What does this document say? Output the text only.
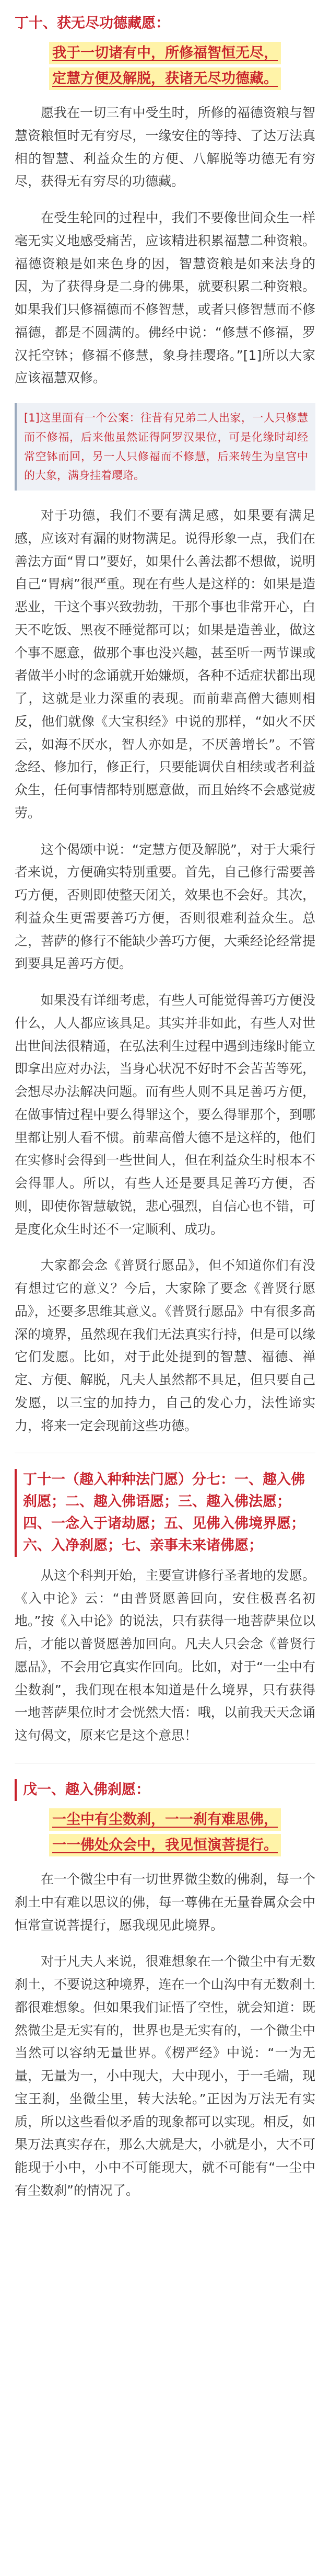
丁十、获无尽功德藏愿：
我于一切诸有中，所修福智恒无尽，
定慧方便及解脱，获诸无尽功德藏。

愿我在一切三有中受生时，所修的福德资粮与智慧资粮恒时无有穷尽，一缘安住的等持、了达万法真相的智慧、利益众生的方便、八解脱等功德无有穷尽，获得无有穷尽的功德藏。

在受生轮回的过程中，我们不要像世间众生一样毫无实义地感受痛苦，应该精进积累福慧二种资粮。福德资粮是如来色身的因，智慧资粮是如来法身的因，为了获得身是二身的佛果，就要积累二种资粮。如果我们只修福德而不修智慧，或者只修智慧而不修福德，都是不圆满的。佛经中说：“修慧不修福，罗汉托空钵；修福不修慧，象身挂璎珞。”[1]所以大家应该福慧双修。

[1]这里面有一个公案：往昔有兄弟二人出家，一人只修慧而不修福，后来他虽然证得阿罗汉果位，可是化缘时却经常空钵而回，另一人只修福而不修慧，后来转生为皇宫中的大象，满身挂着璎珞。

对于功德，我们不要有满足感，如果要有满足感，应该对有漏的财物满足。说得形象一点，我们在善法方面“胃口”要好，如果什么善法都不想做，说明自己“胃病”很严重。现在有些人是这样的：如果是造恶业，干这个事兴致勃勃，干那个事也非常开心，白天不吃饭、黑夜不睡觉都可以；如果是造善业，做这个事不愿意，做那个事也没兴趣，甚至听一两节课或者做半小时的念诵就开始嫌烦，各种不适症状都出现了，这就是业力深重的表现。而前辈高僧大德则相反，他们就像《大宝积经》中说的那样，“如火不厌云，如海不厌水，智人亦如是，不厌善增长”。不管念经、修加行，修正行，只要能调伏自相续或者利益众生，任何事情都特别愿意做，而且始终不会感觉疲劳。

这个偈颂中说：“定慧方便及解脱”，对于大乘行者来说，方便确实特别重要。首先，自己修行需要善巧方便，否则即使整天闭关，效果也不会好。其次，利益众生更需要善巧方便，否则很难利益众生。总之，菩萨的修行不能缺少善巧方便，大乘经论经常提到要具足善巧方便。

如果没有详细考虑，有些人可能觉得善巧方便没什么，人人都应该具足。其实并非如此，有些人对世出世间法很精通，在弘法利生过程中遇到违缘时能立即拿出应对办法，当身心状况不好时不会苦苦等死，会想尽办法解决问题。而有些人则不具足善巧方便，在做事情过程中要么得罪这个，要么得罪那个，到哪里都让别人看不惯。前辈高僧大德不是这样的，他们在实修时会得到一些世间人，但在利益众生时根本不会得罪人。所以，有些人还是要具足善巧方便，否则，即使你智慧敏锐，悲心强烈，自信心也不错，可是度化众生时还不一定顺利、成功。

大家都会念《普贤行愿品》，但不知道你们有没有想过它的意义？今后，大家除了要念《普贤行愿品》，还要多思维其意义。《普贤行愿品》中有很多高深的境界，虽然现在我们无法真实行持，但是可以缘它们发愿。比如，对于此处提到的智慧、福德、禅定、方便、解脱，凡夫人虽然都不具足，但只要自己发愿，以三宝的加持力，自己的发心力，法性谛实力，将来一定会现前这些功德。

丁十一（趣入种种法门愿）分七：一、趣入佛刹愿；二、趣入佛语愿；三、趣入佛法愿；四、一念入于诸劫愿；五、见佛入佛境界愿；六、入净刹愿；七、亲事未来诸佛愿；

从这个科判开始，主要宣讲修行圣者地的发愿。《入中论》云：“由普贤愿善回向，安住极喜名初地。”按《入中论》的说法，只有获得一地菩萨果位以后，才能以普贤愿善加回向。凡夫人只会念《普贤行愿品》，不会用它真实作回向。比如，对于“一尘中有尘数刹”，我们现在根本知道是什么境界，只有获得一地菩萨果位时才会恍然大悟：哦，以前我天天念诵这句偈文，原来它是这个意思！

戊一、趣入佛刹愿：
一尘中有尘数刹，一一刹有难思佛，
一一佛处众会中，我见恒演菩提行。

在一个微尘中有一切世界微尘数的佛刹，每一个刹土中有难以思议的佛，每一尊佛在无量眷属众会中恒常宣说菩提行，愿我现见此境界。

对于凡夫人来说，很难想象在一个微尘中有无数刹土，不要说这种境界，连在一个山沟中有无数刹土都很难想象。但如果我们证悟了空性，就会知道：既然微尘是无实有的，世界也是无实有的，一个微尘中当然可以容纳无量世界。《楞严经》中说：“一为无量，无量为一，小中现大，大中现小，于一毛端，现宝王刹，坐微尘里，转大法轮。”正因为万法无有实质，所以这些看似矛盾的现象都可以实现。相反，如果万法真实存在，那么大就是大，小就是小，大不可能现于小中，小中不可能现大，就不可能有“一尘中有尘数刹”的情况了。
